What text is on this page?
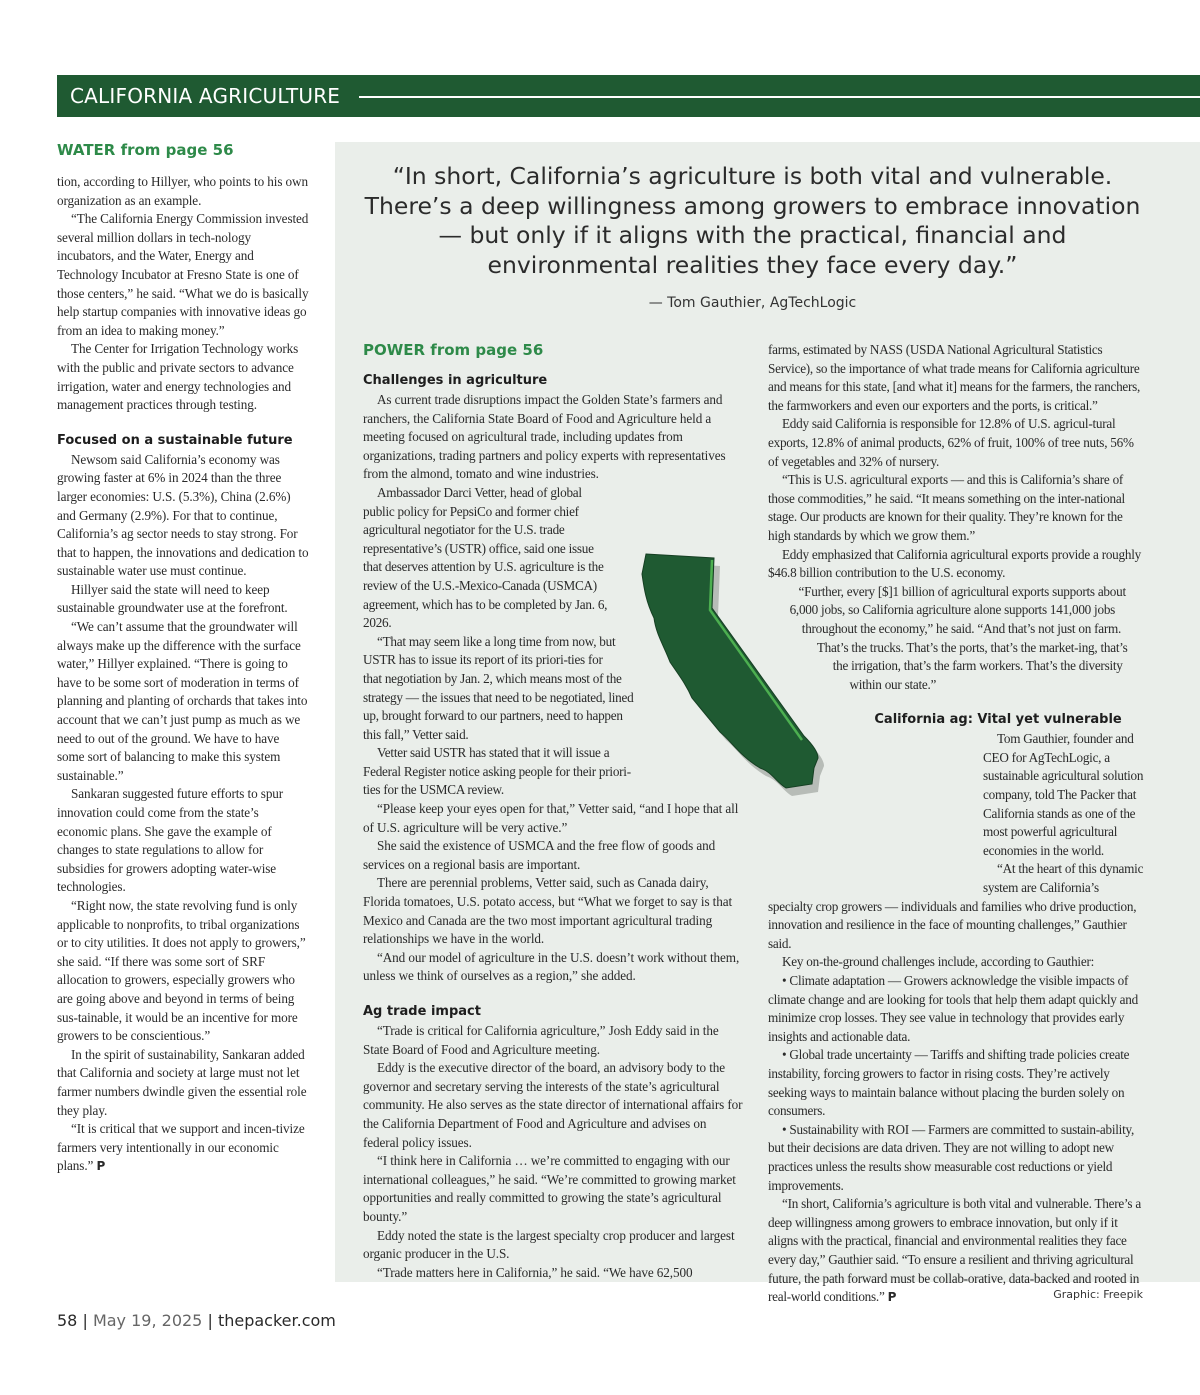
CALIFORNIA AGRICULTURE
WATER from page 56

tion, according to Hillyer, who points to his own organization as an example.

“The California Energy Commission invested several million dollars in tech-nology incubators, and the Water, Energy and Technology Incubator at Fresno State is one of those centers,” he said. “What we do is basically help startup companies with innovative ideas go from an idea to making money.”

The Center for Irrigation Technology works with the public and private sectors to advance irrigation, water and energy technologies and management practices through testing.

Focused on a sustainable future

Newsom said California’s economy was growing faster at 6% in 2024 than the three larger economies: U.S. (5.3%), China (2.6%) and Germany (2.9%). For that to continue, California’s ag sector needs to stay strong. For that to happen, the innovations and dedication to sustainable water use must continue.

Hillyer said the state will need to keep sustainable groundwater use at the forefront.

“We can’t assume that the groundwater will always make up the difference with the surface water,” Hillyer explained. “There is going to have to be some sort of moderation in terms of planning and planting of orchards that takes into account that we can’t just pump as much as we need to out of the ground. We have to have some sort of balancing to make this system sustainable.”

Sankaran suggested future efforts to spur innovation could come from the state’s economic plans. She gave the example of changes to state regulations to allow for subsidies for growers adopting water-wise technologies.

“Right now, the state revolving fund is only applicable to nonprofits, to tribal organizations or to city utilities. It does not apply to growers,” she said. “If there was some sort of SRF allocation to growers, especially growers who are going above and beyond in terms of being sus-tainable, it would be an incentive for more growers to be conscientious.”

In the spirit of sustainability, Sankaran added that California and society at large must not let farmer numbers dwindle given the essential role they play.

“It is critical that we support and incen-tivize farmers very intentionally in our economic plans.” P

“In short, California’s agriculture is both vital and vulnerable. There’s a deep willingness among growers to embrace innovation — but only if it aligns with the practical, financial and environmental realities they face every day.”
— Tom Gauthier, AgTechLogic
POWER from page 56
Challenges in agriculture

As current trade disruptions impact the Golden State’s farmers and ranchers, the California State Board of Food and Agriculture held a meeting focused on agricultural trade, including updates from organizations, trading partners and policy experts with representatives from the almond, tomato and wine industries.

Ambassador Darci Vetter, head of global public policy for PepsiCo and former chief agricultural negotiator for the U.S. trade representative’s (USTR) office, said one issue that deserves attention by U.S. agriculture is the review of the U.S.-Mexico-Canada (USMCA) agreement, which has to be completed by Jan. 6, 2026.

“That may seem like a long time from now, but USTR has to issue its report of its priori-ties for that negotiation by Jan. 2, which means most of the strategy — the issues that need to be negotiated, lined up, brought forward to our partners, need to happen this fall,” Vetter said.

Vetter said USTR has stated that it will issue a Federal Register notice asking people for their priori-ties for the USMCA review.

“Please keep your eyes open for that,” Vetter said, “and I hope that all of U.S. agriculture will be very active.”

She said the existence of USMCA and the free flow of goods and services on a regional basis are important.

There are perennial problems, Vetter said, such as Canada dairy, Florida tomatoes, U.S. potato access, but “What we forget to say is that Mexico and Canada are the two most important agricultural trading relationships we have in the world.

“And our model of agriculture in the U.S. doesn’t work without them, unless we think of ourselves as a region,” she added.

Ag trade impact

“Trade is critical for California agriculture,” Josh Eddy said in the State Board of Food and Agriculture meeting.

Eddy is the executive director of the board, an advisory body to the governor and secretary serving the interests of the state’s agricultural community. He also serves as the state director of international affairs for the California Department of Food and Agriculture and advises on federal policy issues.

“I think here in California … we’re committed to engaging with our international colleagues,” he said. “We’re committed to growing market opportunities and really committed to growing the state’s agricultural bounty.”

Eddy noted the state is the largest specialty crop producer and largest organic producer in the U.S.

“Trade matters here in California,” he said. “We have 62,500

farms, estimated by NASS (USDA National Agricultural Statistics Service), so the importance of what trade means for California agriculture and means for this state, [and what it] means for the farmers, the ranchers, the farmworkers and even our exporters and the ports, is critical.”

Eddy said California is responsible for 12.8% of U.S. agricul-tural exports, 12.8% of animal products, 62% of fruit, 100% of tree nuts, 56% of vegetables and 32% of nursery.

“This is U.S. agricultural exports — and this is California’s share of those commodities,” he said. “It means something on the inter-national stage. Our products are known for their quality. They’re known for the high standards by which we grow them.”

Eddy emphasized that California agricultural exports provide a roughly $46.8 billion contribution to the U.S. economy.

“Further, every [$]1 billion of agricultural exports supports about 6,000 jobs, so California agriculture alone supports 141,000 jobs throughout the economy,” he said. “And that’s not just on farm. That’s the trucks. That’s the ports, that’s the market-ing, that’s the irrigation, that’s the farm workers. That’s the diversity within our state.”

California ag: Vital yet vulnerable

Tom Gauthier, founder and CEO for AgTechLogic, a sustainable agricultural solution company, told The Packer that California stands as one of the most powerful agricultural economies in the world.

“At the heart of this dynamic system are California’s specialty crop growers — individuals and families who drive production, innovation and resilience in the face of mounting challenges,” Gauthier said.

Key on-the-ground challenges include, according to Gauthier:

• Climate adaptation — Growers acknowledge the visible impacts of climate change and are looking for tools that help them adapt quickly and minimize crop losses. They see value in technology that provides early insights and actionable data.

• Global trade uncertainty — Tariffs and shifting trade policies create instability, forcing growers to factor in rising costs. They’re actively seeking ways to maintain balance without placing the burden solely on consumers.

• Sustainability with ROI — Farmers are committed to sustain-ability, but their decisions are data driven. They are not willing to adopt new practices unless the results show measurable cost reductions or yield improvements.

“In short, California’s agriculture is both vital and vulnerable. There’s a deep willingness among growers to embrace innovation, but only if it aligns with the practical, financial and environmental realities they face every day,” Gauthier said. “To ensure a resilient and thriving agricultural future, the path forward must be collab-orative, data-backed and rooted in real-world conditions.” P	Graphic: Freepik
58 | May 19, 2025 | thepacker.com
